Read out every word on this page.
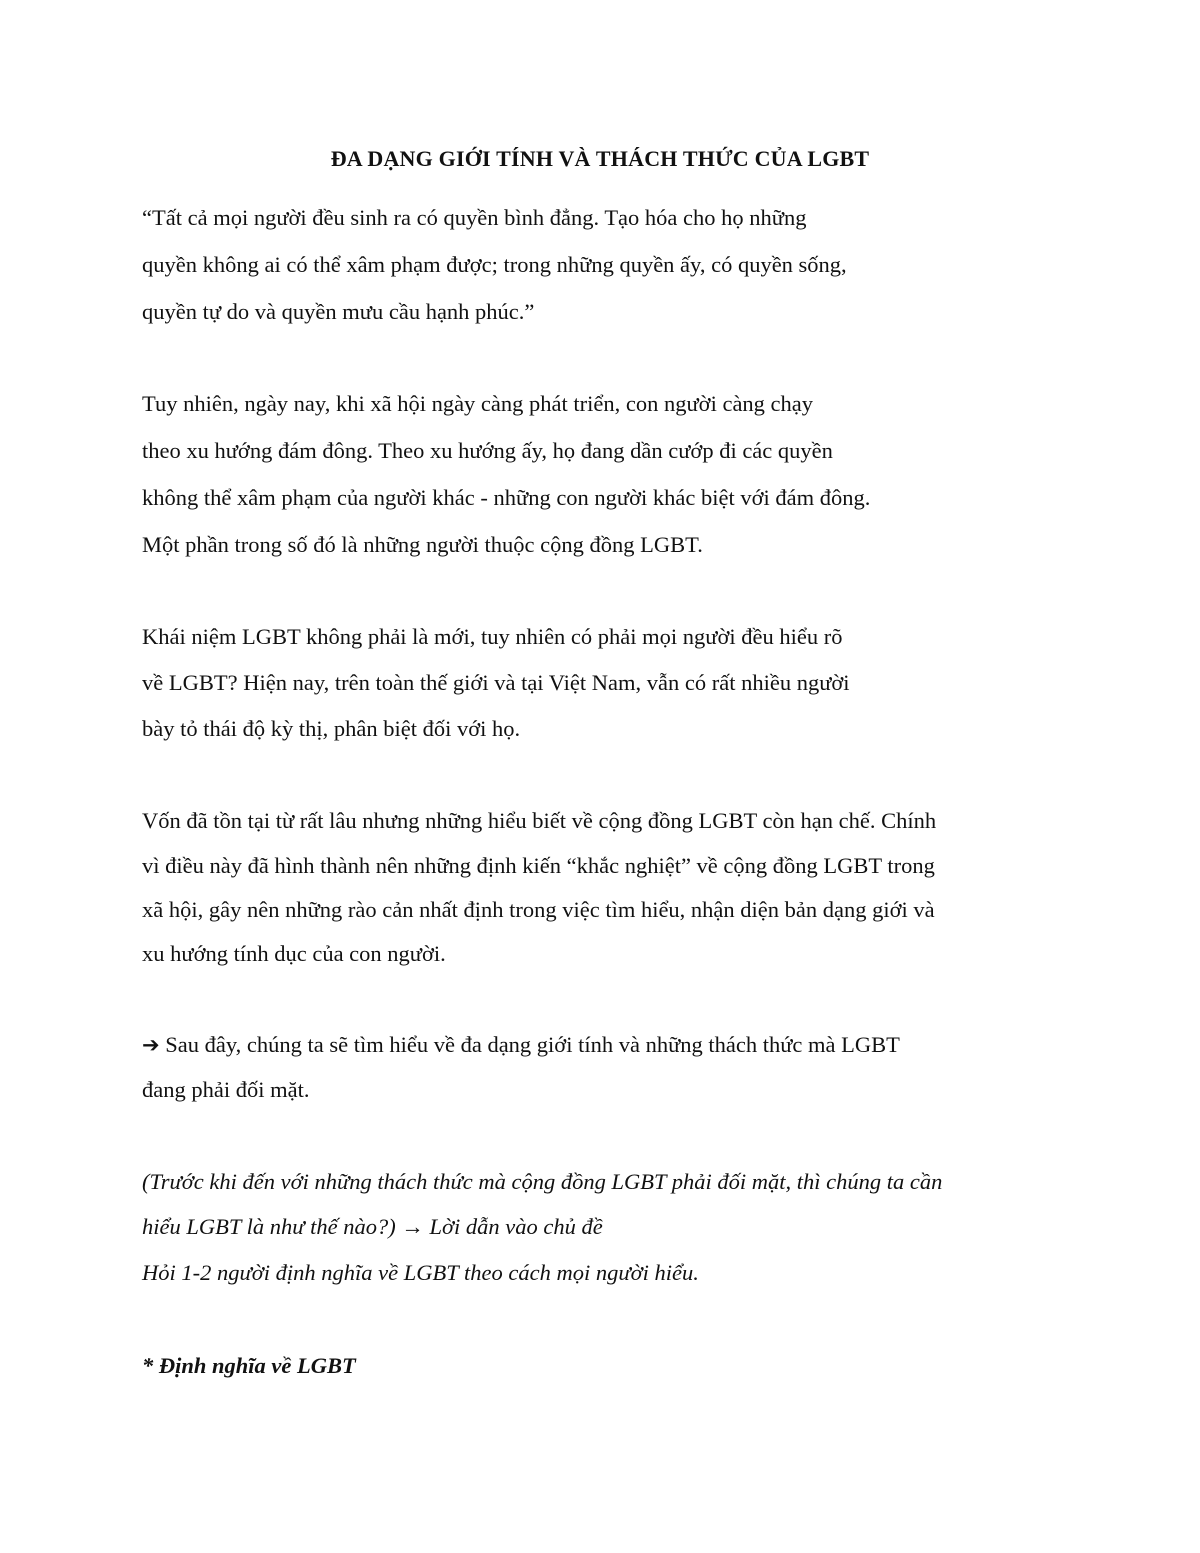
ĐA DẠNG GIỚI TÍNH VÀ THÁCH THỨC CỦA LGBT
“Tất cả mọi người đều sinh ra có quyền bình đẳng. Tạo hóa cho họ những
quyền không ai có thể xâm phạm được; trong những quyền ấy, có quyền sống,
quyền tự do và quyền mưu cầu hạnh phúc.”
Tuy nhiên, ngày nay, khi xã hội ngày càng phát triển, con người càng chạy
theo xu hướng đám đông. Theo xu hướng ấy, họ đang dần cướp đi các quyền
không thể xâm phạm của người khác - những con người khác biệt với đám đông.
Một phần trong số đó là những người thuộc cộng đồng LGBT.
Khái niệm LGBT không phải là mới, tuy nhiên có phải mọi người đều hiểu rõ
về LGBT? Hiện nay, trên toàn thế giới và tại Việt Nam, vẫn có rất nhiều người
bày tỏ thái độ kỳ thị, phân biệt đối với họ.
Vốn đã tồn tại từ rất lâu nhưng những hiểu biết về cộng đồng LGBT còn hạn chế. Chính
vì điều này đã hình thành nên những định kiến “khắc nghiệt” về cộng đồng LGBT trong
xã hội, gây nên những rào cản nhất định trong việc tìm hiểu, nhận diện bản dạng giới và
xu hướng tính dục của con người.
➔ Sau đây, chúng ta sẽ tìm hiểu về đa dạng giới tính và những thách thức mà LGBT
đang phải đối mặt.
(Trước khi đến với những thách thức mà cộng đồng LGBT phải đối mặt, thì chúng ta cần
hiểu LGBT là như thế nào?) → Lời dẫn vào chủ đề
Hỏi 1-2 người định nghĩa về LGBT theo cách mọi người hiểu.
* Định nghĩa về LGBT
